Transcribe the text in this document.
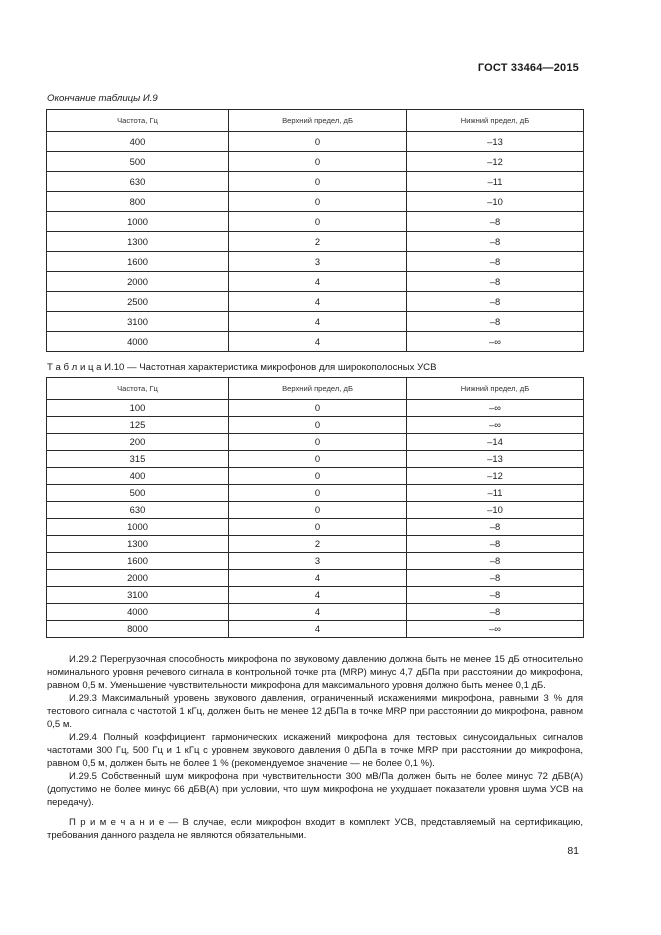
ГОСТ 33464—2015
Окончание таблицы И.9
Частота, Гц	Верхний предел, дБ	Нижний предел, дБ
400	0	–13
500	0	–12
630	0	–11
800	0	–10
1000	0	–8
1300	2	–8
1600	3	–8
2000	4	–8
2500	4	–8
3100	4	–8
4000	4	–∞
Т а б л и ц а И.10 — Частотная характеристика микрофонов для широкополосных УСВ
Частота, Гц	Верхний предел, дБ	Нижний предел, дБ
100	0	–∞
125	0	–∞
200	0	–14
315	0	–13
400	0	–12
500	0	–11
630	0	–10
1000	0	–8
1300	2	–8
1600	3	–8
2000	4	–8
3100	4	–8
4000	4	–8
8000	4	–∞

И.29.2 Перегрузочная способность микрофона по звуковому давлению должна быть не менее 15 дБ относительно номинального уровня речевого сигнала в контрольной точке рта (MRP) минус 4,7 дБПа при расстоянии до микрофона, равном 0,5 м. Уменьшение чувствительности микрофона для максимального уровня должно быть менее 0,1 дБ.

И.29.3 Максимальный уровень звукового давления, ограниченный искажениями микрофона, равными 3 % для тестового сигнала с частотой 1 кГц, должен быть не менее 12 дБПа в точке MRP при расстоянии до микрофона, равном 0,5 м.

И.29.4 Полный коэффициент гармонических искажений микрофона для тестовых синусоидальных сигналов частотами 300 Гц, 500 Гц и 1 кГц с уровнем звукового давления 0 дБПа в точке MRP при расстоянии до микрофона, равном 0,5 м, должен быть не более 1 % (рекомендуемое значение — не более 0,1 %).

И.29.5 Собственный шум микрофона при чувствительности 300 мВ/Па должен быть не более минус 72 дБВ(A) (допустимо не более минус 66 дБВ(A) при условии, что шум микрофона не ухудшает показатели уровня шума УСВ на передачу).

П р и м е ч а н и е — В случае, если микрофон входит в комплект УСВ, представляемый на сертификацию, требования данного раздела не являются обязательными.

81
